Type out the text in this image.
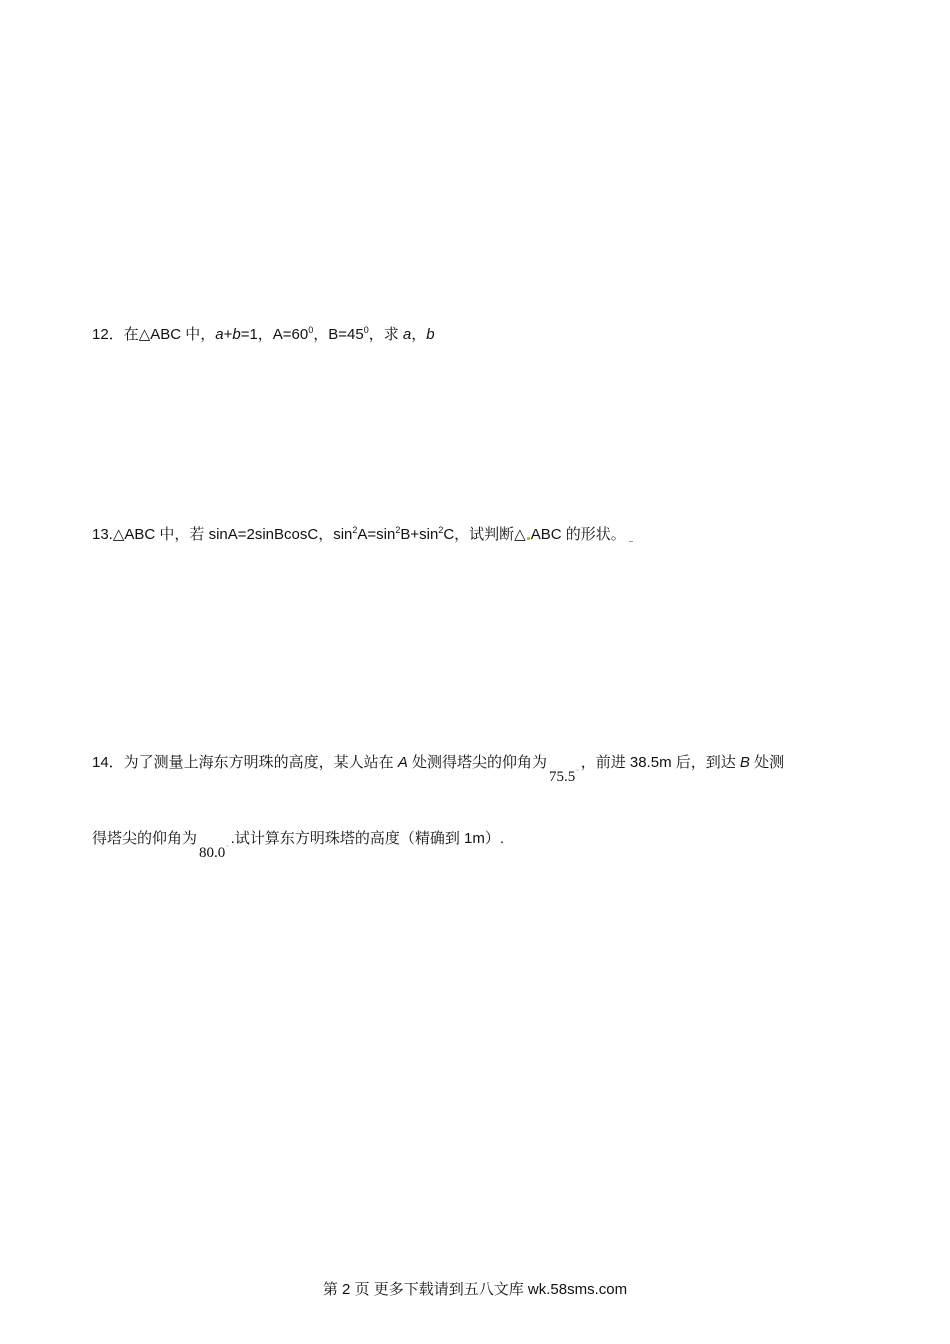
12．在△ABC 中，a+b=1，$A=60^0$，$B=45^0$，求 a，b
13.△ABC 中，若 sinA=2sinBcosC，$\sin^2A=\sin^2B+\sin^2C$，试判断△ ABC 的形状。
14．为了测量上海东方明珠的高度，某人站在 A 处测得塔尖的仰角为75.5°，前进 38.5m 后，到达 B 处测
得塔尖的仰角为80.0°.试计算东方明珠塔的高度（精确到 1m）.
第 2 页 更多下载请到五八文库 wk.58sms.com
